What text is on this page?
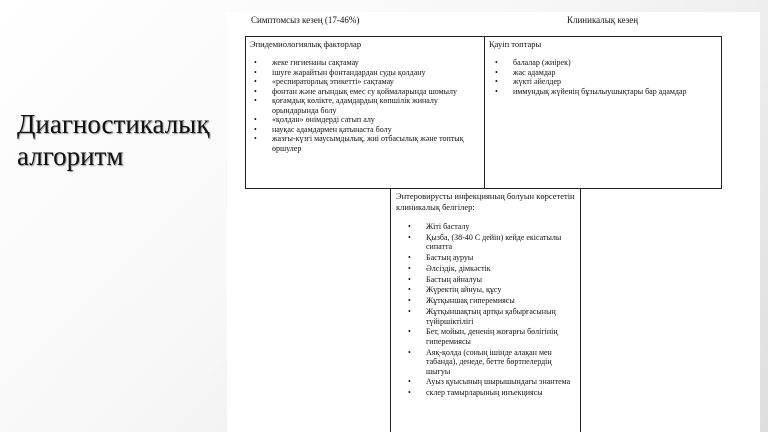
Диагностикалық алгоритм
Симптомсыз кезең (17-46%)	Клиникалық кезең
Эпидемиологиялық факторлар
• жеке гигиенаны сақтамау
• ішуге жарайтын фонтандардан суды қолдану
• «респираторлық этикетті» сақтамау
• фонтан және ағындық емес су қоймаларында шомылу
• қоғамдық көлікте, адамдардың көпшілік жиналу орындарында болу
• «қолдан» өнімдерді сатып алу
• науқас адамдармен қатынаста болу
• жазғы-күзгі маусымдылық, жиі отбасылық және топтық өршулер
Қауіп топтары
• балалар (жиірек)
• жас адамдар
• жүкті әйелдер
• иммундық жүйенің бұзылыушықтары бар адамдар
Энтеровирусты инфекцияның болуын көрсететін клиникалық белгілер:
• Жіті басталу
• Қызба, (38-40 С дейін) кейде екісатылы сипатта
• Бастың ауруы
• Әлсіздік, дімкәстік
• Бастың айналуы
• Жүректің айнуы, құсу
• Жұтқыншақ гиперемиясы
• Жұтқыншақтың артқы қабырғасының түйіршіктілігі
• Бет, мойын, дененің жоғарғы бөлігінің гиперемиясы
• Аяқ-қолда (соның ішінде алақан мен табанда), денеде, бетте бөртпелердің шығуы
• Ауыз қуысының шырышындағы энантема
• склер тамырларының инъекциясы
